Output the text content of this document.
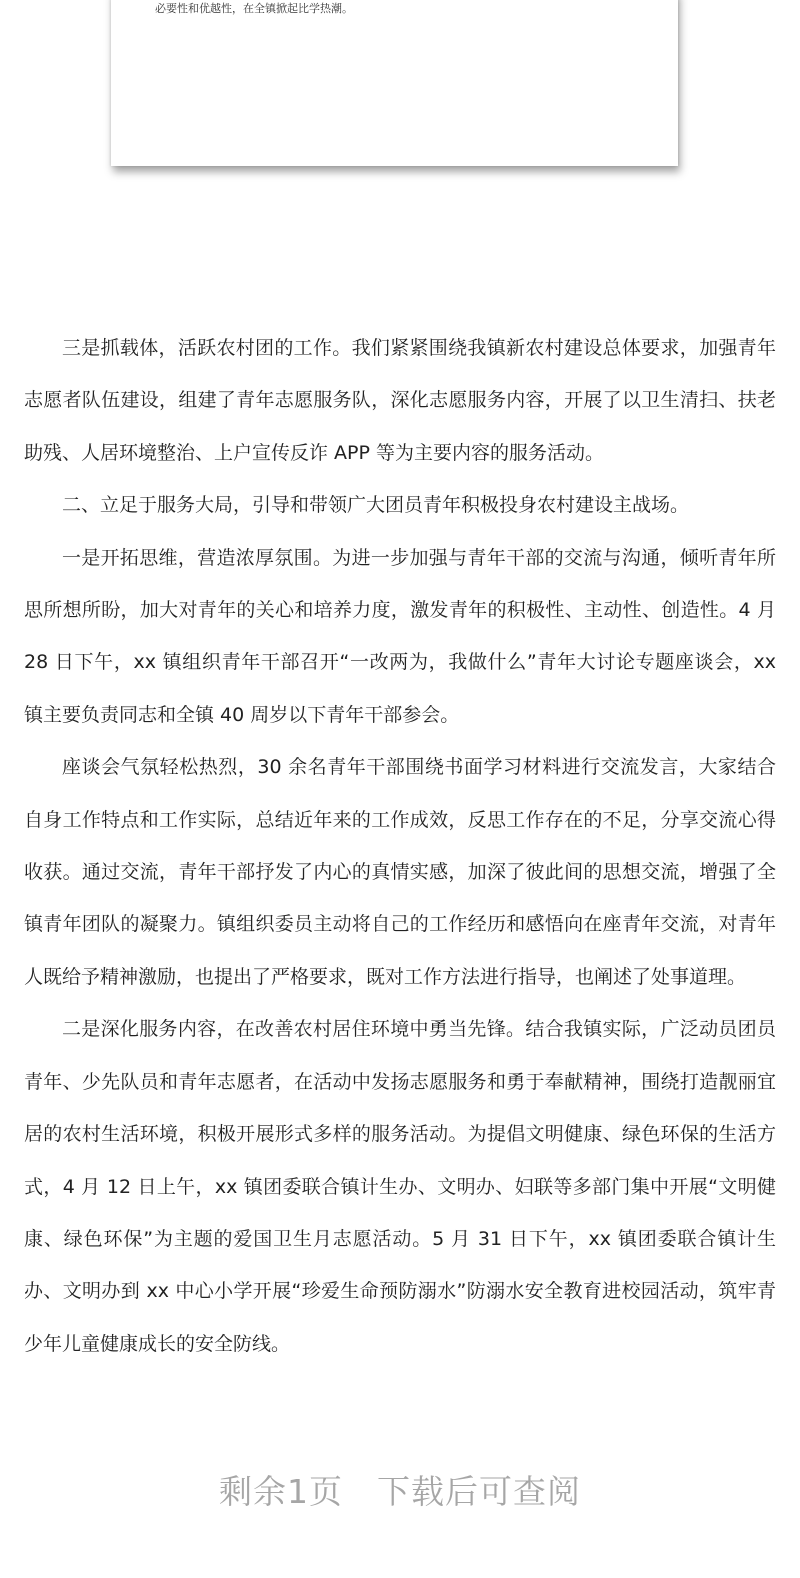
必要性和优越性，在全镇掀起比学热潮。

三是抓载体，活跃农村团的工作。我们紧紧围绕我镇新农村建设总体要求，加强青年志愿者队伍建设，组建了青年志愿服务队，深化志愿服务内容，开展了以卫生清扫、扶老助残、人居环境整治、上户宣传反诈 APP 等为主要内容的服务活动。

二、立足于服务大局，引导和带领广大团员青年积极投身农村建设主战场。

一是开拓思维，营造浓厚氛围。为进一步加强与青年干部的交流与沟通，倾听青年所思所想所盼，加大对青年的关心和培养力度，激发青年的积极性、主动性、创造性。4 月 28 日下午，xx 镇组织青年干部召开“一改两为，我做什么”青年大讨论专题座谈会，xx 镇主要负责同志和全镇 40 周岁以下青年干部参会。

座谈会气氛轻松热烈，30 余名青年干部围绕书面学习材料进行交流发言，大家结合自身工作特点和工作实际，总结近年来的工作成效，反思工作存在的不足，分享交流心得收获。通过交流，青年干部抒发了内心的真情实感，加深了彼此间的思想交流，增强了全镇青年团队的凝聚力。镇组织委员主动将自己的工作经历和感悟向在座青年交流，对青年人既给予精神激励，也提出了严格要求，既对工作方法进行指导，也阐述了处事道理。

二是深化服务内容，在改善农村居住环境中勇当先锋。结合我镇实际，广泛动员团员青年、少先队员和青年志愿者，在活动中发扬志愿服务和勇于奉献精神，围绕打造靓丽宜居的农村生活环境，积极开展形式多样的服务活动。为提倡文明健康、绿色环保的生活方式，4 月 12 日上午，xx 镇团委联合镇计生办、文明办、妇联等多部门集中开展“文明健康、绿色环保”为主题的爱国卫生月志愿活动。5 月 31 日下午，xx 镇团委联合镇计生办、文明办到 xx 中心小学开展“珍爱生命预防溺水”防溺水安全教育进校园活动，筑牢青少年儿童健康成长的安全防线。

剩余1页 下载后可查阅
